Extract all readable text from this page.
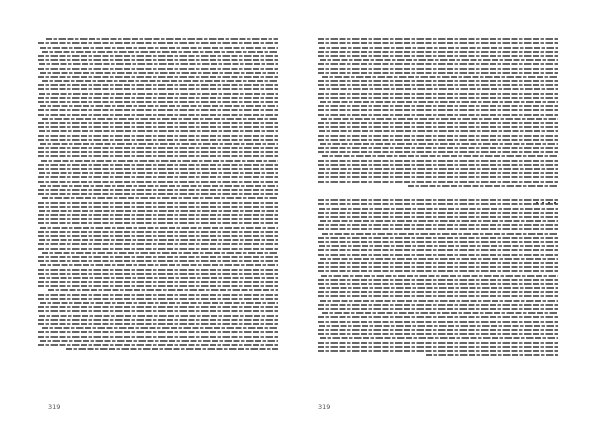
319	319
